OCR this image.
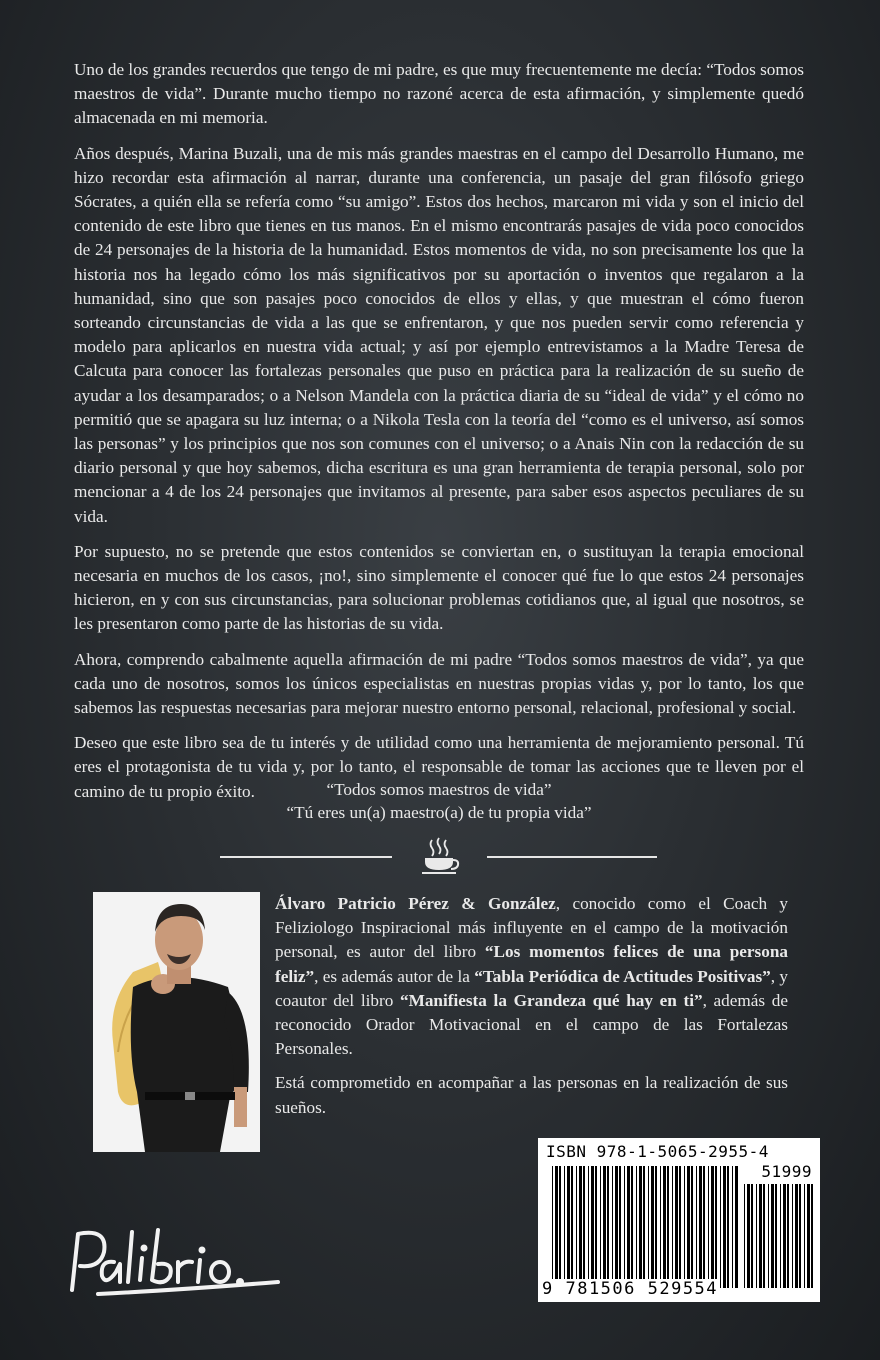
Uno de los grandes recuerdos que tengo de mi padre, es que muy frecuentemente me decía: “Todos somos maestros de vida”. Durante mucho tiempo no razoné acerca de esta afirmación, y simplemente quedó almacenada en mi memoria.

Años después, Marina Buzali, una de mis más grandes maestras en el campo del Desarrollo Humano, me hizo recordar esta afirmación al narrar, durante una conferencia, un pasaje del gran filósofo griego Sócrates, a quién ella se refería como “su amigo”. Estos dos hechos, marcaron mi vida y son el inicio del contenido de este libro que tienes en tus manos. En el mismo encontrarás pasajes de vida poco conocidos de 24 personajes de la historia de la humanidad. Estos momentos de vida, no son precisamente los que la historia nos ha legado cómo los más significativos por su aportación o inventos que regalaron a la humanidad, sino que son pasajes poco conocidos de ellos y ellas, y que muestran el cómo fueron sorteando circunstancias de vida a las que se enfrentaron, y que nos pueden servir como referencia y modelo para aplicarlos en nuestra vida actual; y así por ejemplo entrevistamos a la Madre Teresa de Calcuta para conocer las fortalezas personales que puso en práctica para la realización de su sueño de ayudar a los desamparados; o a Nelson Mandela con la práctica diaria de su “ideal de vida” y el cómo no permitió que se apagara su luz interna; o a Nikola Tesla con la teoría del “como es el universo, así somos las personas” y los principios que nos son comunes con el universo; o a Anais Nin con la redacción de su diario personal y que hoy sabemos, dicha escritura es una gran herramienta de terapia personal, solo por mencionar a 4 de los 24 personajes que invitamos al presente, para saber esos aspectos peculiares de su vida.

Por supuesto, no se pretende que estos contenidos se conviertan en, o sustituyan la terapia emocional necesaria en muchos de los casos, ¡no!, sino simplemente el conocer qué fue lo que estos 24 personajes hicieron, en y con sus circunstancias, para solucionar problemas cotidianos que, al igual que nosotros, se les presentaron como parte de las historias de su vida.

Ahora, comprendo cabalmente aquella afirmación de mi padre “Todos somos maestros de vida”, ya que cada uno de nosotros, somos los únicos especialistas en nuestras propias vidas y, por lo tanto, los que sabemos las respuestas necesarias para mejorar nuestro entorno personal, relacional, profesional y social.

Deseo que este libro sea de tu interés y de utilidad como una herramienta de mejoramiento personal. Tú eres el protagonista de tu vida y, por lo tanto, el responsable de tomar las acciones que te lleven por el camino de tu propio éxito.	“Todos somos maestros de vida”
“Tú eres un(a) maestro(a) de tu propia vida”

Álvaro Patricio Pérez & González, conocido como el Coach y Feliziologo Inspiracional más influyente en el campo de la motivación personal, es autor del libro “Los momentos felices de una persona feliz”, es además autor de la “Tabla Periódica de Actitudes Positivas”, y coautor del libro “Manifiesta la Grandeza qué hay en ti”, además de reconocido Orador Motivacional en el campo de las Fortalezas Personales.

Está comprometido en acompañar a las personas en la realización de sus sueños.

Palibrio.
ISBN 978-1-5065-2955-4
51999
9 781506 529554
